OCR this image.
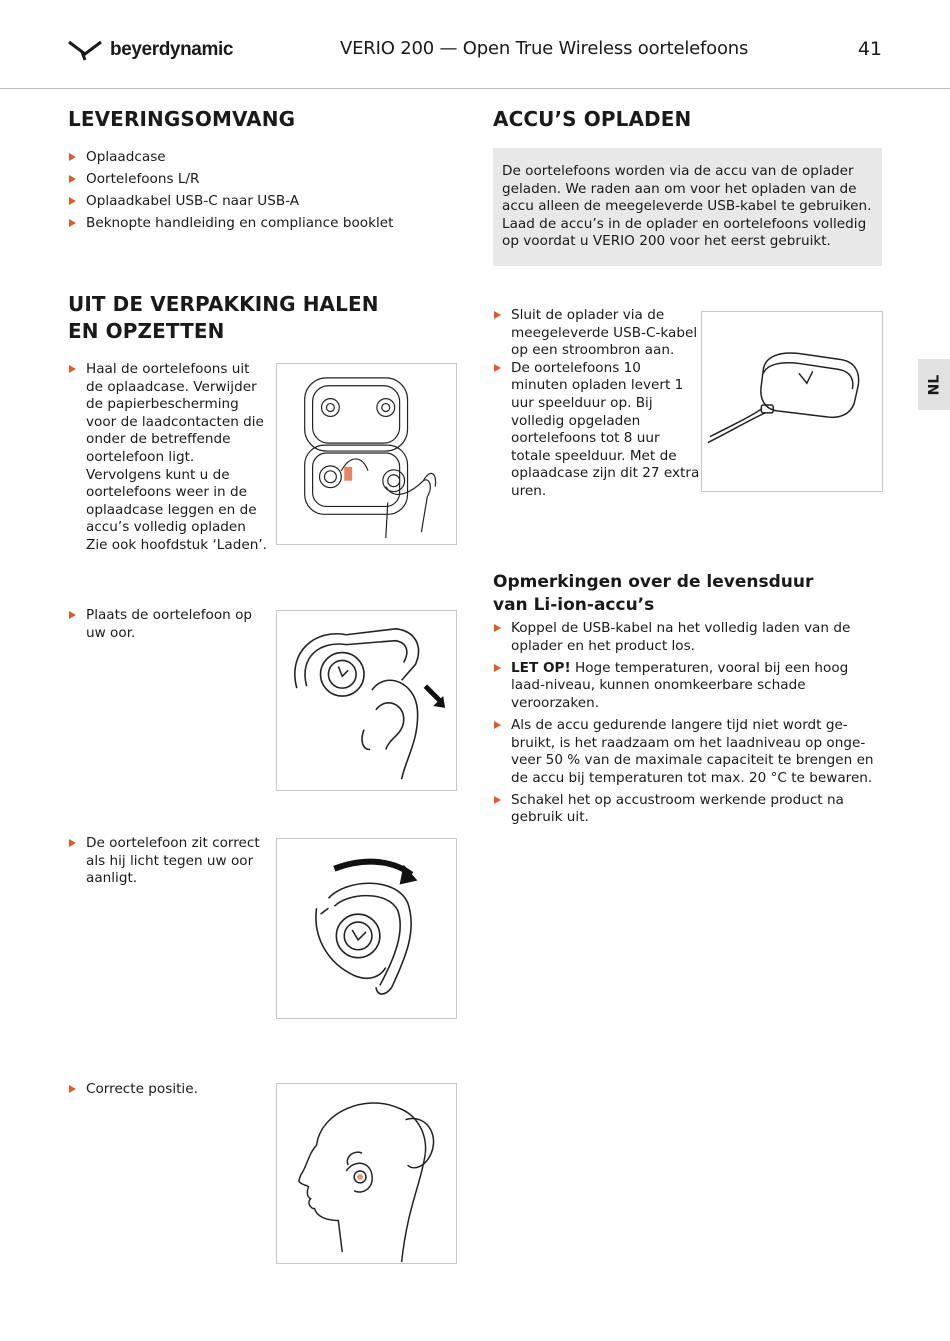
beyerdynamic	VERIO 200 — Open True Wireless oortelefoons	41
NL
LEVERINGSOMVANG
Oplaadcase
Oortelefoons L/R
Oplaadkabel USB-C naar USB-A
Beknopte handleiding en compliance booklet
UIT DE VERPAKKING HALEN
EN OPZETTEN

Haal de oortelefoons uit de oplaadcase. Verwijder de papierbescherming voor de laadcontacten die onder de betreffende oortelefoon ligt. Vervolgens kunt u de oortelefoons weer in de oplaadcase leggen en de accu’s volledig opladen Zie ook hoofdstuk ‘Laden’.

Plaats de oortelefoon op uw oor.

De oortelefoon zit correct als hij licht tegen uw oor aanligt.

Correcte positie.

ACCU’S OPLADEN
De oortelefoons worden via de accu van de oplader geladen. We raden aan om voor het opladen van de accu alleen de meegeleverde USB-kabel te gebruiken. Laad de accu’s in de oplader en oortelefoons volledig op voordat u VERIO 200 voor het eerst gebruikt.
Sluit de oplader via de meegeleverde USB-C-kabel op een stroombron aan.
De oortelefoons 10 minuten opladen levert 1 uur speelduur op. Bij volledig opgeladen oortelefoons tot 8 uur totale speelduur. Met de oplaadcase zijn dit 27 extra uren.
Opmerkingen over de levensduur
van Li-ion-accu’s
Koppel de USB-kabel na het volledig laden van de oplader en het product los.
LET OP! Hoge temperaturen, vooral bij een hoog laad-niveau, kunnen onomkeerbare schade veroorzaken.
Als de accu gedurende langere tijd niet wordt ge-bruikt, is het raadzaam om het laadniveau op onge-veer 50 % van de maximale capaciteit te brengen en de accu bij temperaturen tot max. 20 °C te bewaren.
Schakel het op accustroom werkende product na gebruik uit.
